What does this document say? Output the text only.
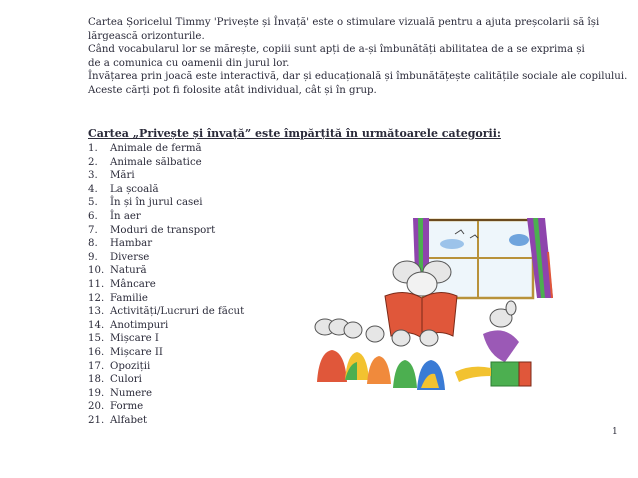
Cartea Șoricelul Timmy 'Privește și Învață' este o stimulare vizuală pentru a ajuta preșcolarii să își

lărgească orizonturile.

Când vocabularul lor se mărește, copiii sunt apți de a-și îmbunătăți abilitatea de a se exprima și

de a comunica cu oamenii din jurul lor.

Învățarea prin joacă este interactivă, dar și educațională și îmbunătățește calitățile sociale ale copilului.

Aceste cărți pot fi folosite atât individual, cât și în grup.

Cartea „Privește și învață” este împărțită în următoarele categorii:
1.	Animale de fermă
2.	Animale sălbatice
3.	Mări
4.	La școală
5.	În și în jurul casei
6.	În aer
7.	Moduri de transport
8.	Hambar
9.	Diverse
10. Natură
11. Mâncare
12. Familie
13. Activități/Lucruri de făcut
14. Anotimpuri
15. Mișcare I
16. Mișcare II
17. Opoziții
18. Culori
19. Numere
20. Forme
21. Alfabet
1
